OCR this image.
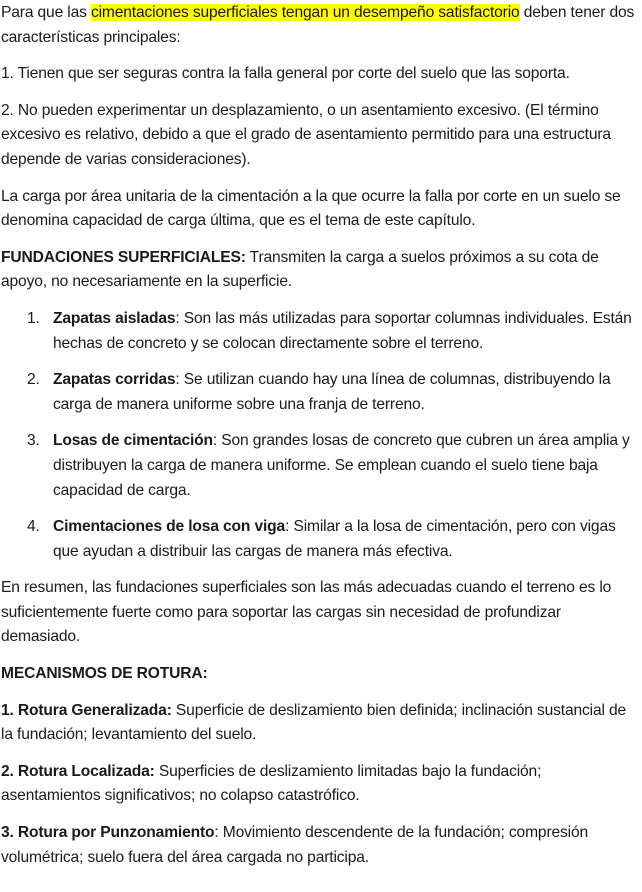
Para que las cimentaciones superficiales tengan un desempeño satisfactorio deben tener dos características principales:

1. Tienen que ser seguras contra la falla general por corte del suelo que las soporta.

2. No pueden experimentar un desplazamiento, o un asentamiento excesivo. (El término excesivo es relativo, debido a que el grado de asentamiento permitido para una estructura depende de varias consideraciones).

La carga por área unitaria de la cimentación a la que ocurre la falla por corte en un suelo se denomina capacidad de carga última, que es el tema de este capítulo.

FUNDACIONES SUPERFICIALES: Transmiten la carga a suelos próximos a su cota de apoyo, no necesariamente en la superficie.

1. Zapatas aisladas: Son las más utilizadas para soportar columnas individuales. Están hechas de concreto y se colocan directamente sobre el terreno.
2. Zapatas corridas: Se utilizan cuando hay una línea de columnas, distribuyendo la carga de manera uniforme sobre una franja de terreno.
3. Losas de cimentación: Son grandes losas de concreto que cubren un área amplia y distribuyen la carga de manera uniforme. Se emplean cuando el suelo tiene baja capacidad de carga.
4. Cimentaciones de losa con viga: Similar a la losa de cimentación, pero con vigas que ayudan a distribuir las cargas de manera más efectiva.

En resumen, las fundaciones superficiales son las más adecuadas cuando el terreno es lo suficientemente fuerte como para soportar las cargas sin necesidad de profundizar demasiado.

MECANISMOS DE ROTURA:

1. Rotura Generalizada: Superficie de deslizamiento bien definida; inclinación sustancial de la fundación; levantamiento del suelo.

2. Rotura Localizada: Superficies de deslizamiento limitadas bajo la fundación; asentamientos significativos; no colapso catastrófico.

3. Rotura por Punzonamiento: Movimiento descendente de la fundación; compresión volumétrica; suelo fuera del área cargada no participa.
